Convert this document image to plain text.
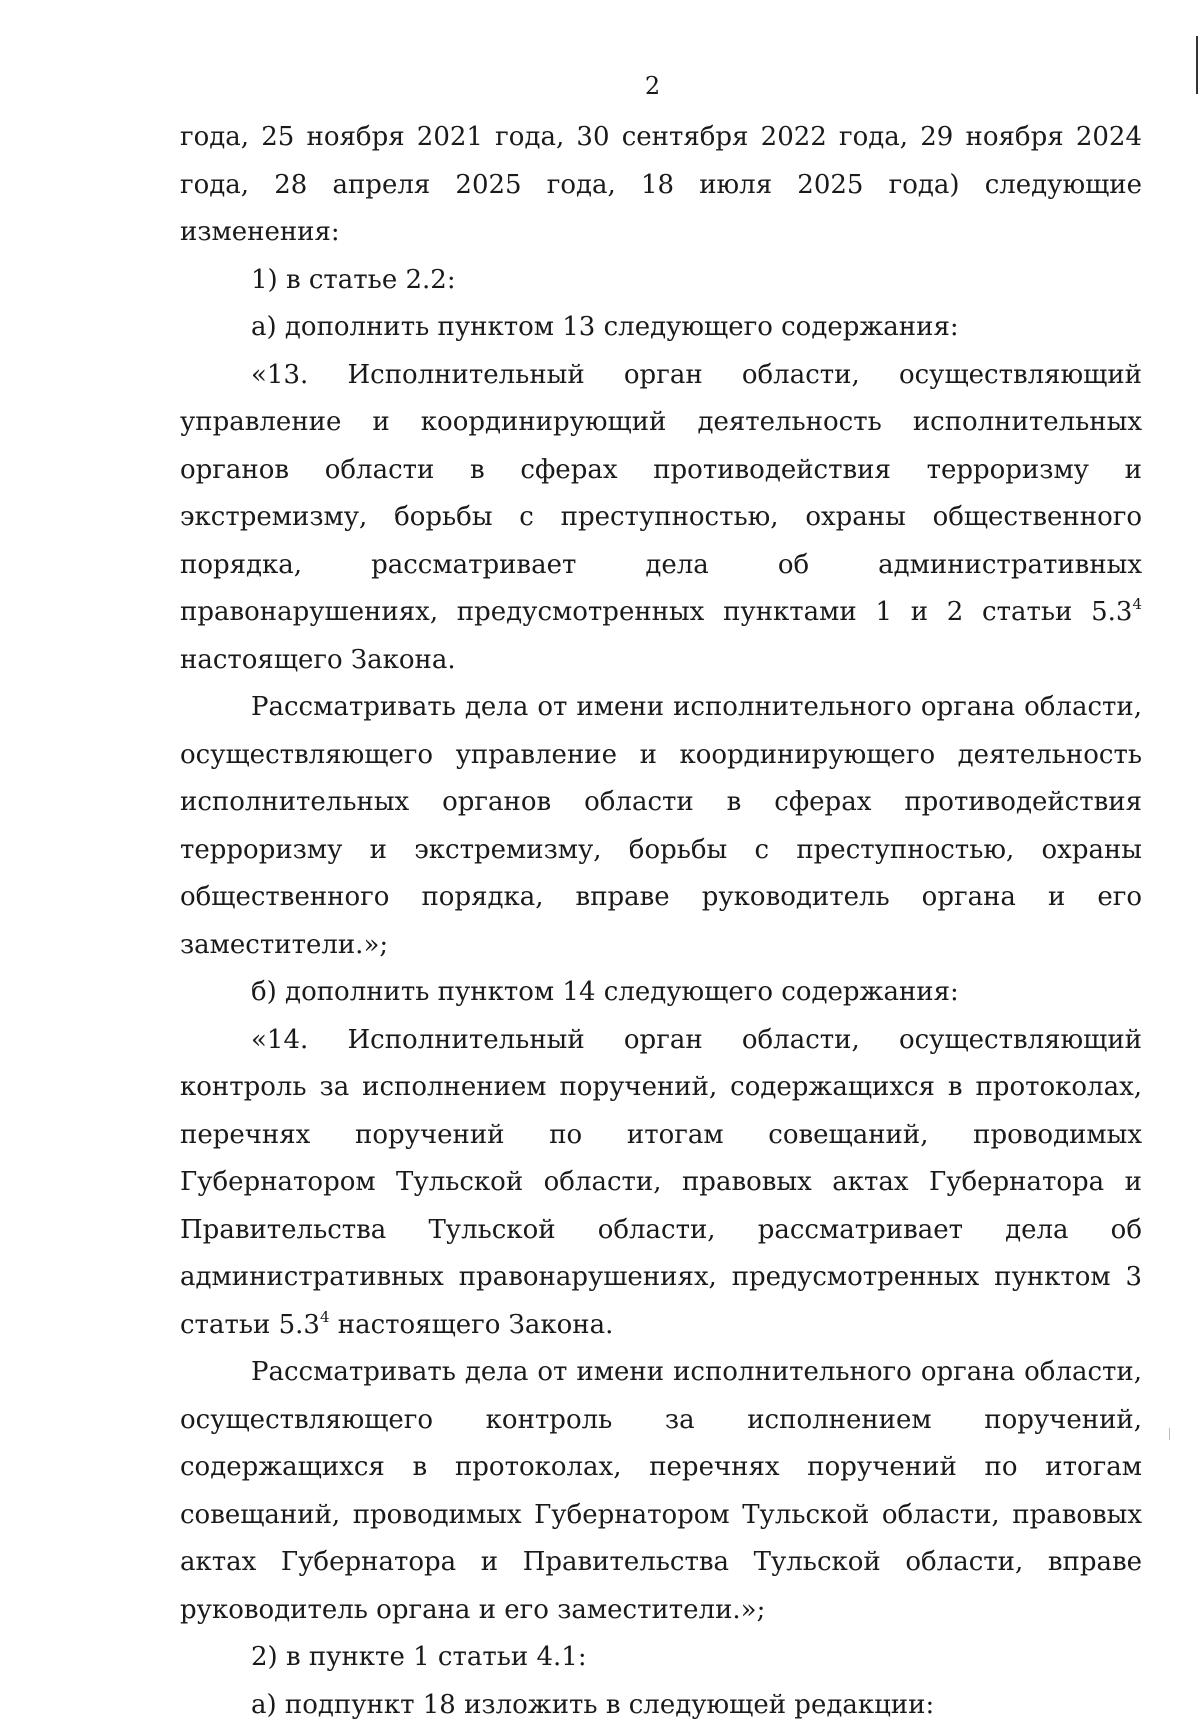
2

года, 25 ноября 2021 года, 30 сентября 2022 года, 29 ноября 2024 года, 28 апреля 2025 года, 18 июля 2025 года) следующие изменения:

1) в статье 2.2:

а) дополнить пунктом 13 следующего содержания:

«13. Исполнительный орган области, осуществляющий управление и координирующий деятельность исполнительных органов области в сферах противодействия терроризму и экстремизму, борьбы с преступностью, охраны общественного порядка, рассматривает дела об административных правонарушениях, предусмотренных пунктами 1 и 2 статьи $5.3^4$ настоящего Закона.

Рассматривать дела от имени исполнительного органа области, осуществляющего управление и координирующего деятельность исполнительных органов области в сферах противодействия терроризму и экстремизму, борьбы с преступностью, охраны общественного порядка, вправе руководитель органа и его заместители.»;

б) дополнить пунктом 14 следующего содержания:

«14. Исполнительный орган области, осуществляющий контроль за исполнением поручений, содержащихся в протоколах, перечнях поручений по итогам совещаний, проводимых Губернатором Тульской области, правовых актах Губернатора и Правительства Тульской области, рассматривает дела об административных правонарушениях, предусмотренных пунктом 3 статьи $5.3^4$ настоящего Закона.

Рассматривать дела от имени исполнительного органа области, осуществляющего контроль за исполнением поручений, содержащихся в протоколах, перечнях поручений по итогам совещаний, проводимых Губернатором Тульской области, правовых актах Губернатора и Правительства Тульской области, вправе руководитель органа и его заместители.»;

2) в пункте 1 статьи 4.1:

а) подпункт 18 изложить в следующей редакции:
